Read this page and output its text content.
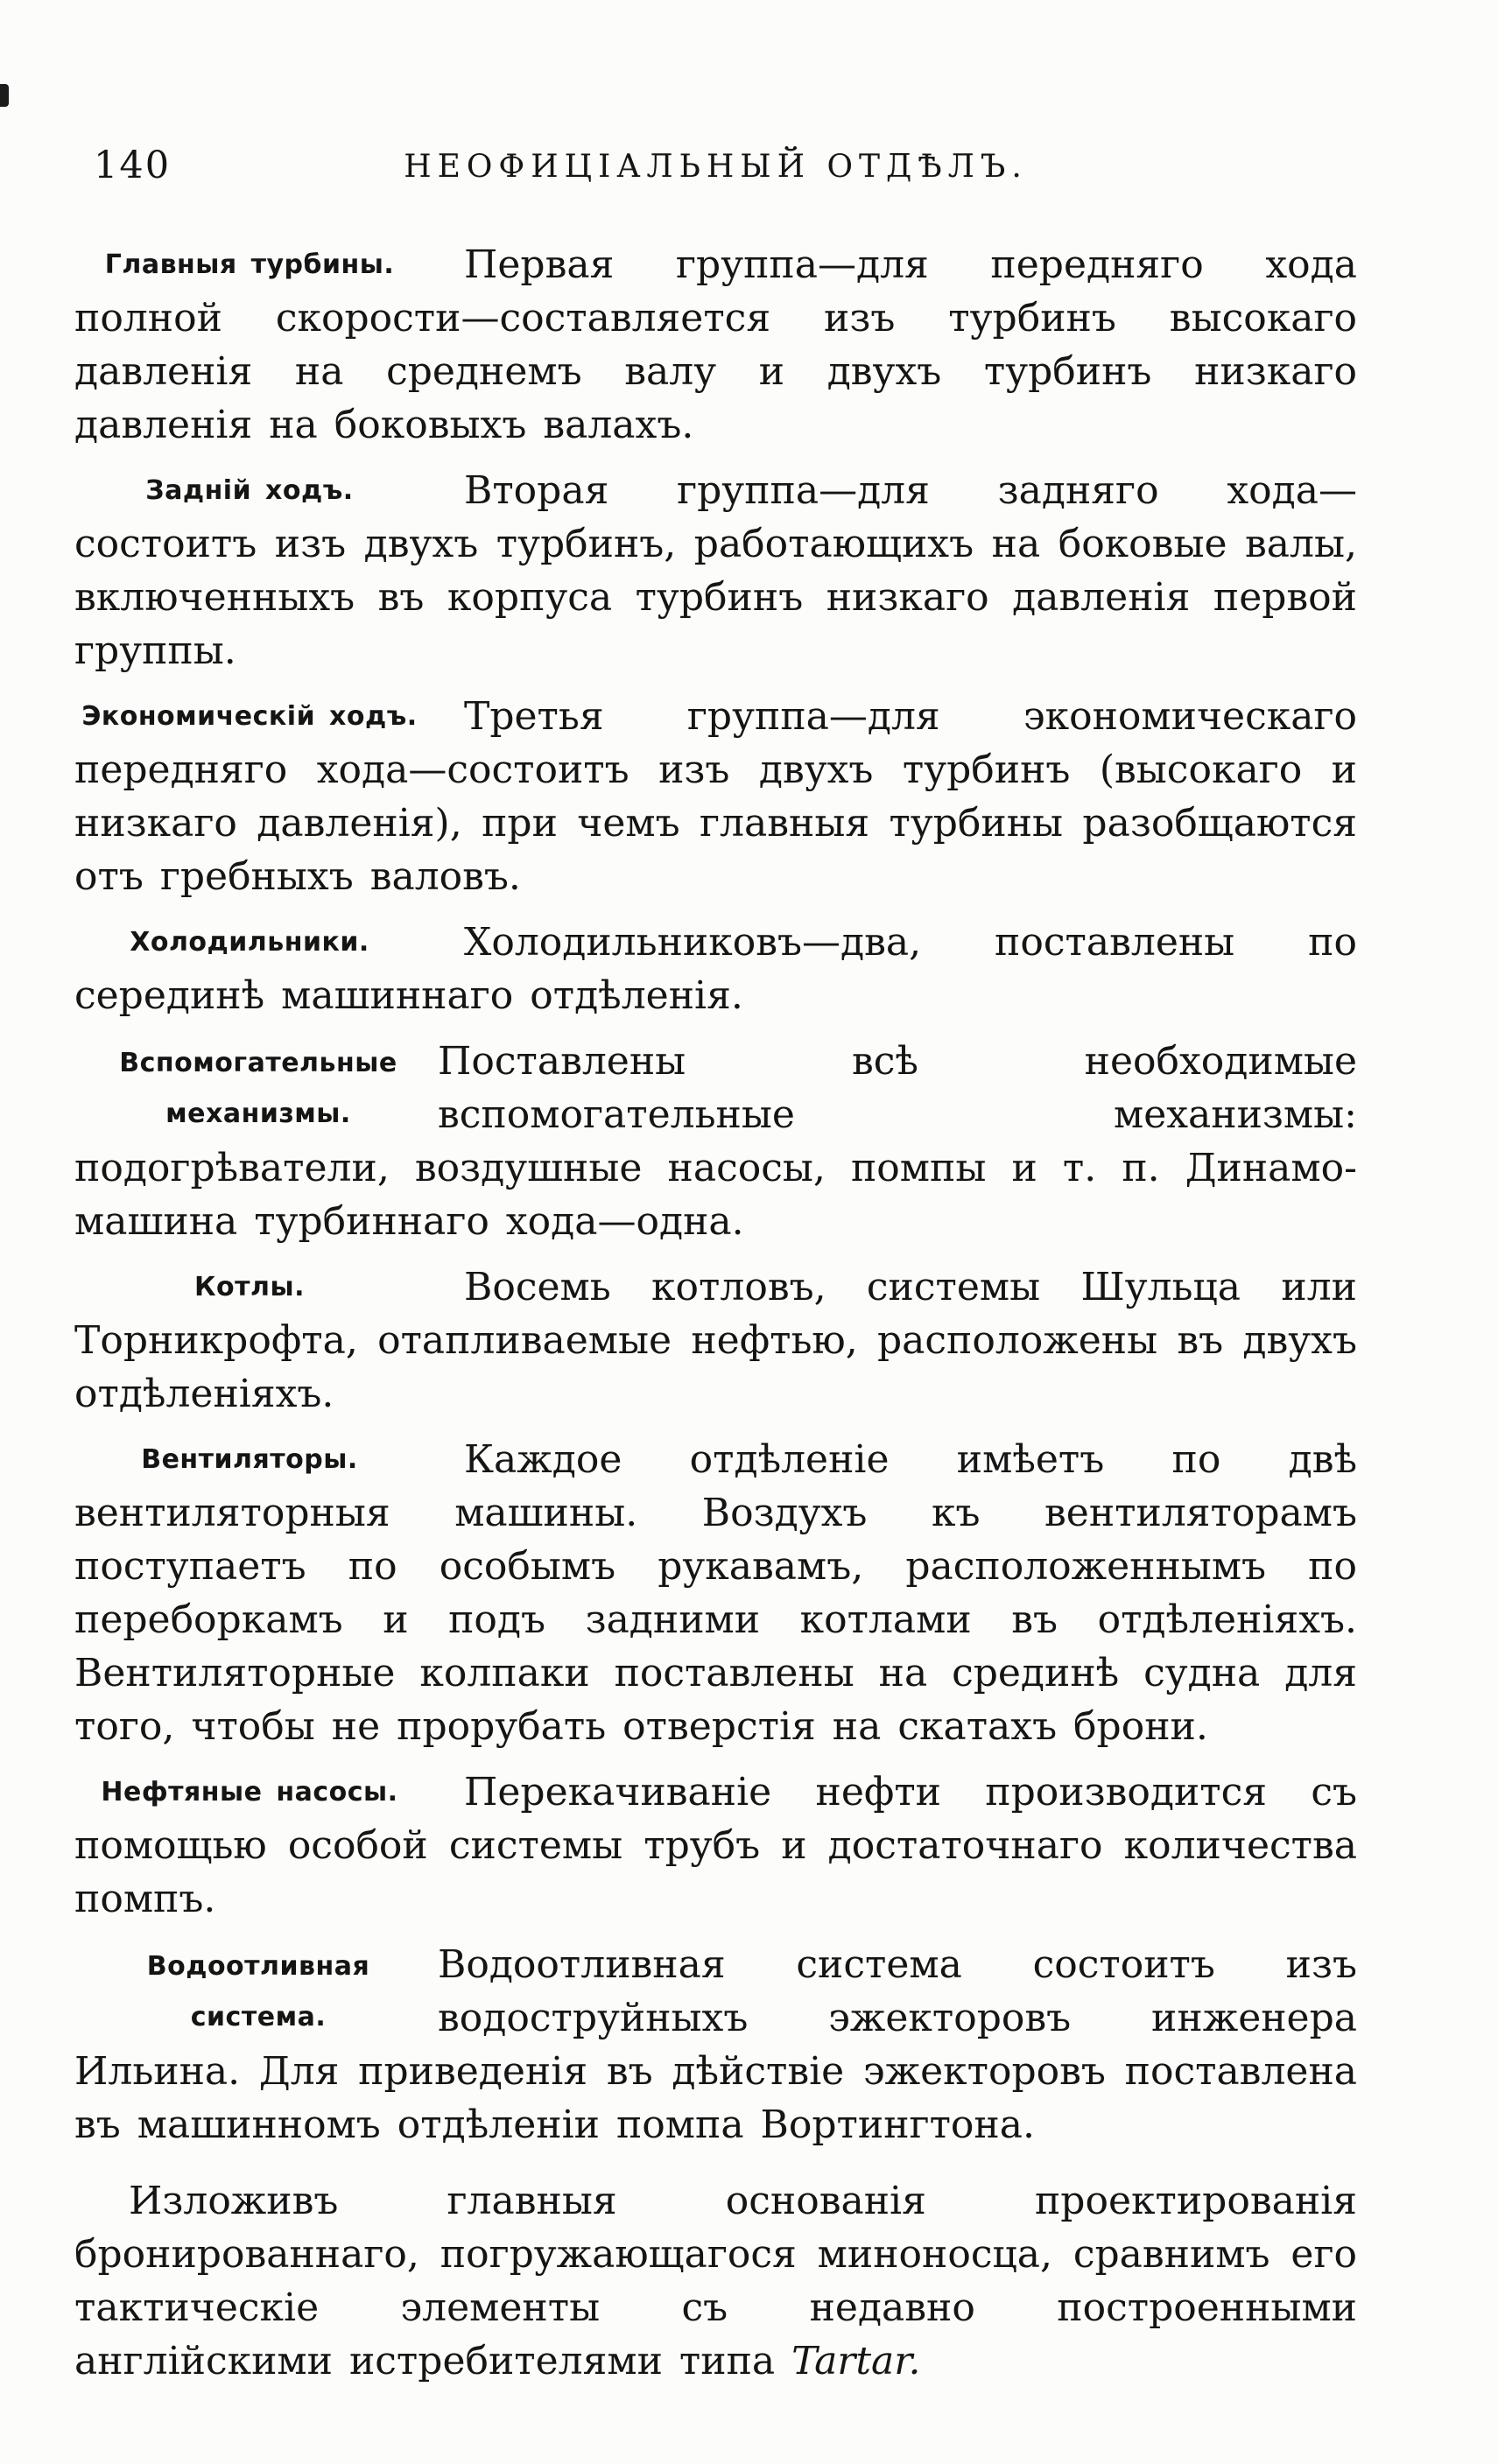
140	НЕОФИЦІАЛЬНЫЙ ОТДѢЛЪ.
Главныя турбины.	Первая группа—для передняго хода полной скорости—составляется изъ турбинъ высокаго давленія на среднемъ валу и двухъ турбинъ низкаго давленія на боковыхъ валахъ.
Задній ходъ.	Вторая группа—для задняго хода—состоитъ изъ двухъ турбинъ, работающихъ на боковые валы, включенныхъ въ корпуса турбинъ низкаго давленія первой группы.
Экономическій ходъ. Третья группа—для экономическаго передняго хода—состоитъ изъ двухъ турбинъ (высокаго и низкаго давленія), при чемъ главныя турбины разобщаются отъ гребныхъ валовъ.
Холодильники.	Холодильниковъ—два, поставлены по серединѣ машиннаго отдѣленія.
Вспомогательные механизмы.
Поставлены всѣ необходимые вспомогательные механизмы: подогрѣватели, воздушные насосы, помпы и т. п. Динамо-машина турбиннаго хода—одна.
Котлы.	Восемь котловъ, системы Шульца или Торникрофта, отапливаемые нефтью, расположены въ двухъ отдѣленіяхъ.
Вентиляторы.	Каждое отдѣленіе имѣетъ по двѣ вентиляторныя машины. Воздухъ къ вентиляторамъ поступаетъ по особымъ рукавамъ, расположеннымъ по переборкамъ и подъ задними котлами въ отдѣленіяхъ. Вентиляторные колпаки поставлены на срединѣ судна для того, чтобы не прорубать отверстія на скатахъ брони.
Нефтяные насосы.	Перекачиваніе нефти производится съ помощью особой системы трубъ и достаточнаго количества помпъ.
Водоотливная система.
Водоотливная система состоитъ изъ водоструйныхъ эжекторовъ инженера Ильина. Для приведенія въ дѣйствіе эжекторовъ поставлена въ машинномъ отдѣленіи помпа Вортингтона.
Изложивъ главныя основанія проектированія бронированнаго, погружающагося миноносца, сравнимъ его тактическіе элементы съ недавно построенными англійскими истребителями типа Tartar.
